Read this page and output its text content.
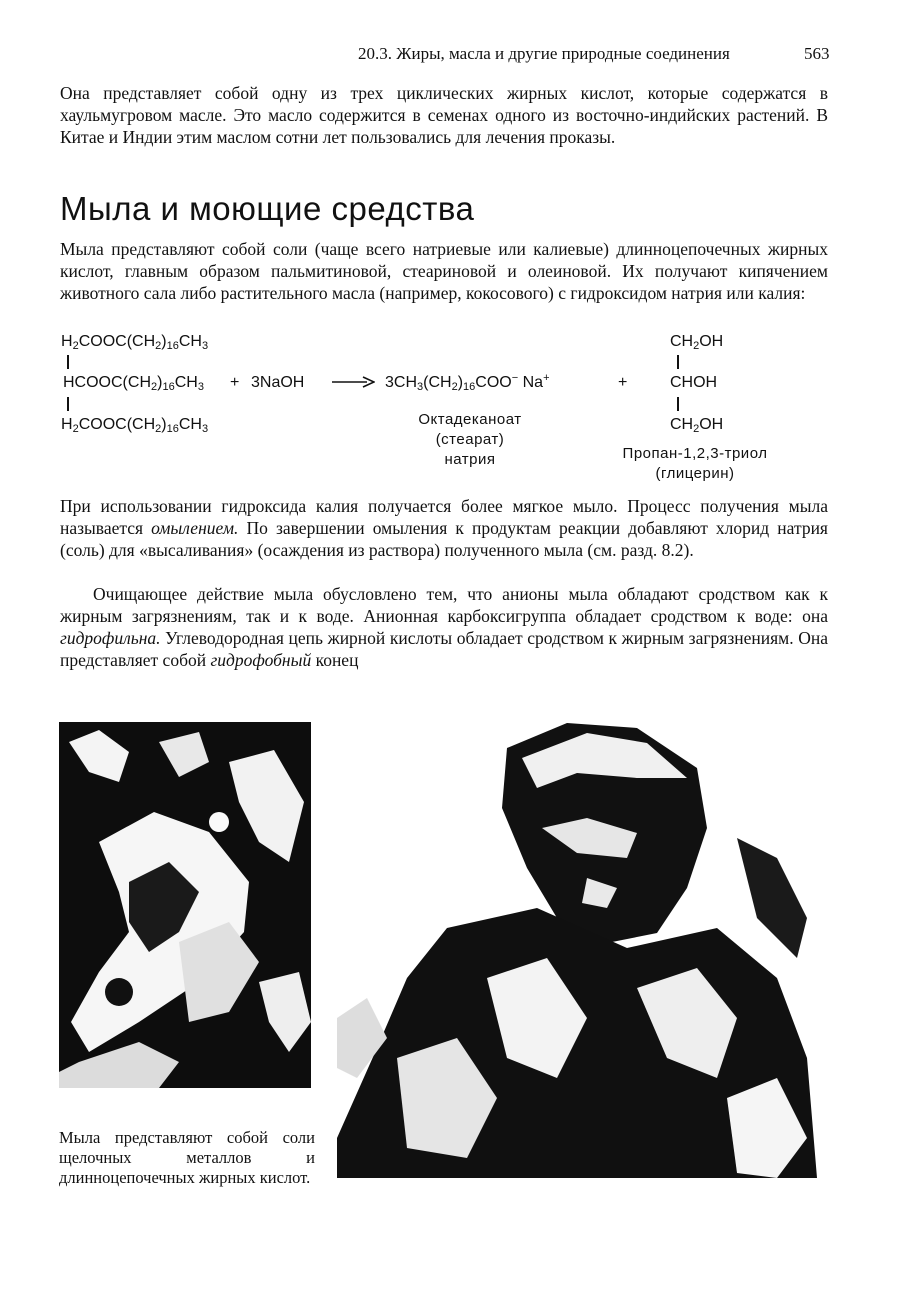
20.3. Жиры, масла и другие природные соединения	563
Она представляет собой одну из трех циклических жирных кислот, которые содержатся в хаульмугровом масле. Это масло содержится в семенах одного из восточно-индийских растений. В Китае и Индии этим маслом сотни лет пользовались для лечения проказы.
Мыла и моющие средства
Мыла представляют собой соли (чаще всего натриевые или калиевые) длинноцепочечных жирных кислот, главным образом пальмитиновой, стеариновой и олеиновой. Их получают кипячением животного сала либо растительного масла (например, кокосового) с гидроксидом натрия или калия:
$H_2COOC(CH_2)_{16}CH_3$
$HCOOC(CH_2)_{16}CH_3$
$H_2COOC(CH_2)_{16}CH_3$
+ 3NaOH → $3CH_3(CH_2)_{16}COO^-$ Na+
Октадеканоат
(стеарат)
натрия
+
$CH_2OH$
CHOH
$CH_2OH$
Пропан-1,2,3-триол
(глицерин)
При использовании гидроксида калия получается более мягкое мыло. Процесс получения мыла называется омылением. По завершении омыления к продуктам реакции добавляют хлорид натрия (соль) для «высаливания» (осаждения из раствора) полученного мыла (см. разд. 8.2).
Очищающее действие мыла обусловлено тем, что анионы мыла обладают сродством как к жирным загрязнениям, так и к воде. Анионная карбоксигруппа обладает сродством к воде: она гидрофильна. Углеводородная цепь жирной кислоты обладает сродством к жирным загрязнениям. Она представляет собой гидрофобный конец
Мыла представляют собой соли щелочных металлов и длинноцепочечных жирных кислот.
